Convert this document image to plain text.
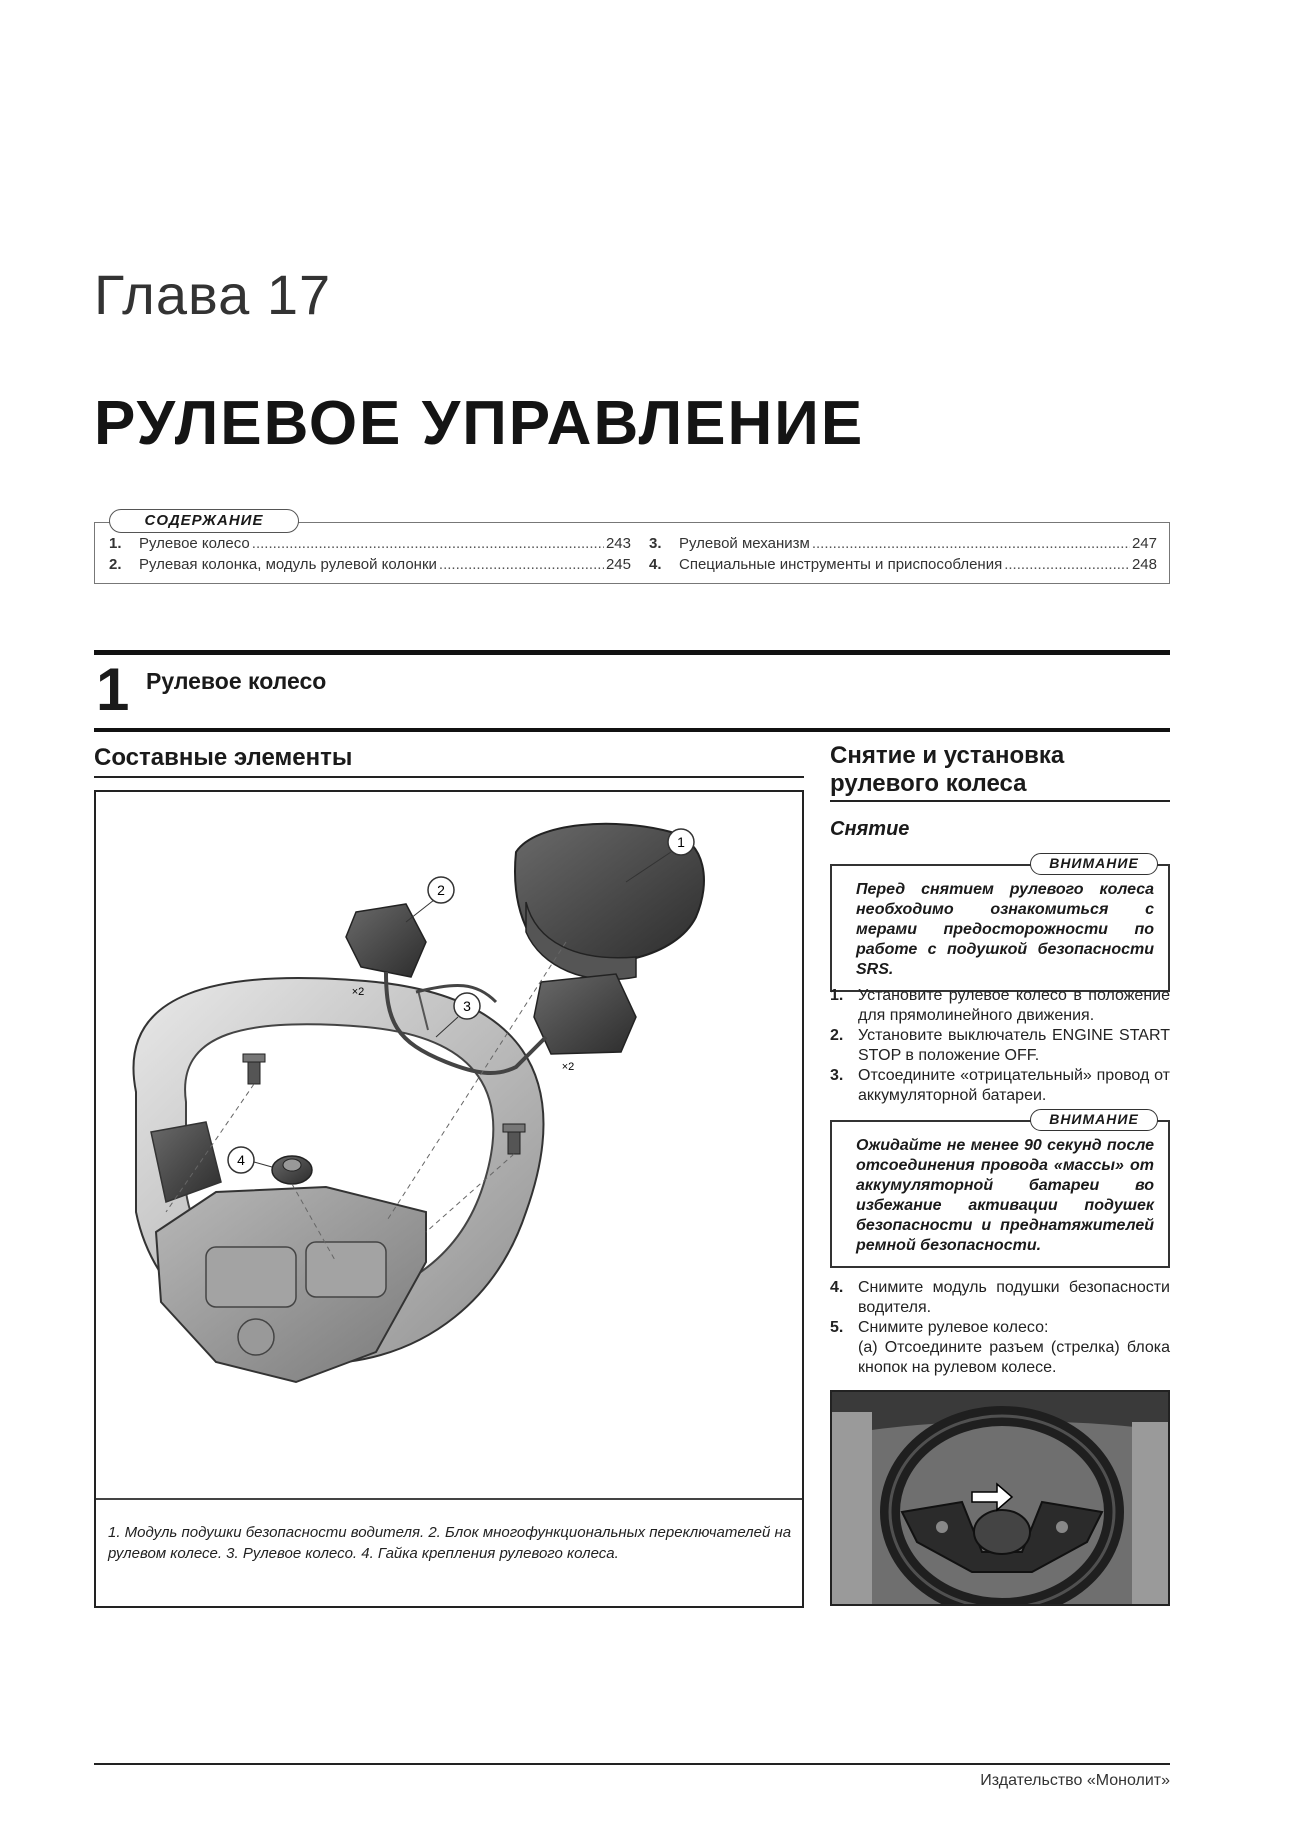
Глава 17
РУЛЕВОЕ УПРАВЛЕНИЕ
СОДЕРЖАНИЕ
1.	Рулевое колесо .....	243
2.	Рулевая колонка, модуль рулевой колонки .....	245
3.	Рулевой механизм .....	247
4.	Специальные инструменты и приспособления .....	248
1 Рулевое колесо
Составные элементы
1
2
3
4
×2
×2
1. Модуль подушки безопасности водителя. 2. Блок многофункциональных переключателей на рулевом колесе. 3. Рулевое колесо. 4. Гайка крепления рулевого колеса.
Снятие и установка рулевого колеса
Снятие
ВНИМАНИЕ
Перед снятием рулевого колеса необходимо ознакомиться с мерами предосторожности по работе с подушкой безопасности SRS.
1. Установите рулевое колесо в положение для прямолинейного движения.
2. Установите выключатель ENGINE START STOP в положение OFF.
3. Отсоедините «отрицательный» провод от аккумуляторной батареи.
ВНИМАНИЕ
Ожидайте не менее 90 секунд после отсоединения провода «массы» от аккумуляторной батареи во избежание активации подушек безопасности и преднатяжителей ремной безопасности.
4. Снимите модуль подушки безопасности водителя.
5. Снимите рулевое колесо:
(а) Отсоедините разъем (стрелка) блока кнопок на рулевом колесе.
Издательство «Монолит»
